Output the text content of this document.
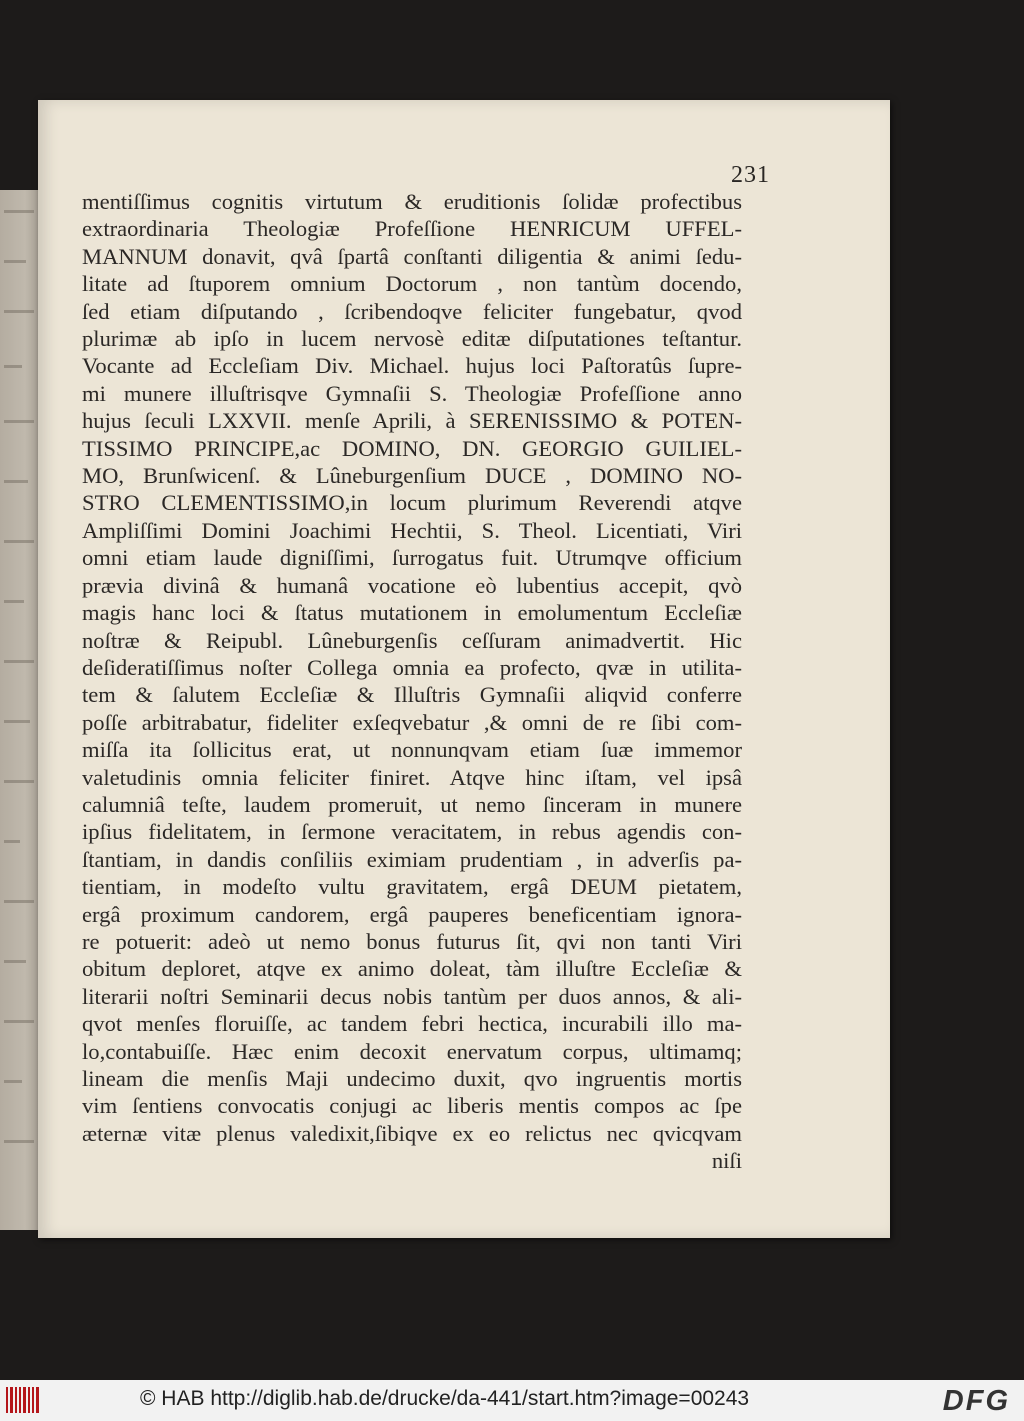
231
mentiſſimus cognitis virtutum & eruditionis ſolidæ profectibus
extraordinaria Theologiæ Profeſſione HENRICUM UFFEL-
MANNUM donavit, qvâ ſpartâ conſtanti diligentia & animi ſedu-
litate ad ſtuporem omnium Doctorum , non tantùm docendo,
ſed etiam diſputando , ſcribendoqve feliciter fungebatur, qvod
plurimæ ab ipſo in lucem nervosè editæ diſputationes teſtantur.
Vocante ad Eccleſiam Div. Michael. hujus loci Paſtoratûs ſupre-
mi munere illuſtrisqve Gymnaſii S. Theologiæ Profeſſione anno
hujus ſeculi LXXVII. menſe Aprili, à SERENISSIMO & POTEN-
TISSIMO PRINCIPE,ac DOMINO, DN. GEORGIO GUILIEL-
MO, Brunſwicenſ. & Lûneburgenſium DUCE , DOMINO NO-
STRO CLEMENTISSIMO,in locum plurimum Reverendi atqve
Ampliſſimi Domini Joachimi Hechtii, S. Theol. Licentiati, Viri
omni etiam laude digniſſimi, ſurrogatus fuit. Utrumqve officium
prævia divinâ & humanâ vocatione eò lubentius accepit, qvò
magis hanc loci & ſtatus mutationem in emolumentum Eccleſiæ
noſtræ & Reipubl. Lûneburgenſis ceſſuram animadvertit. Hic
deſideratiſſimus noſter Collega omnia ea profecto, qvæ in utilita-
tem & ſalutem Eccleſiæ & Illuſtris Gymnaſii aliqvid conferre
poſſe arbitrabatur, fideliter exſeqvebatur ,& omni de re ſibi com-
miſſa ita ſollicitus erat, ut nonnunqvam etiam ſuæ immemor
valetudinis omnia feliciter finiret. Atqve hinc iſtam, vel ipsâ
calumniâ teſte, laudem promeruit, ut nemo ſinceram in munere
ipſius fidelitatem, in ſermone veracitatem, in rebus agendis con-
ſtantiam, in dandis conſiliis eximiam prudentiam , in adverſis pa-
tientiam, in modeſto vultu gravitatem, ergâ DEUM pietatem,
ergâ proximum candorem, ergâ pauperes beneficentiam ignora-
re potuerit: adeò ut nemo bonus futurus ſit, qvi non tanti Viri
obitum deploret, atqve ex animo doleat, tàm illuſtre Eccleſiæ &
literarii noſtri Seminarii decus nobis tantùm per duos annos, & ali-
qvot menſes floruiſſe, ac tandem febri hectica, incurabili illo ma-
lo,contabuiſſe. Hæc enim decoxit enervatum corpus, ultimamq;
lineam die menſis Maji undecimo duxit, qvo ingruentis mortis
vim ſentiens convocatis conjugi ac liberis mentis compos ac ſpe
æternæ vitæ plenus valedixit,ſibiqve ex eo relictus nec qvicqvam
niſi
© HAB http://diglib.hab.de/drucke/da-441/start.htm?image=00243	DFG
